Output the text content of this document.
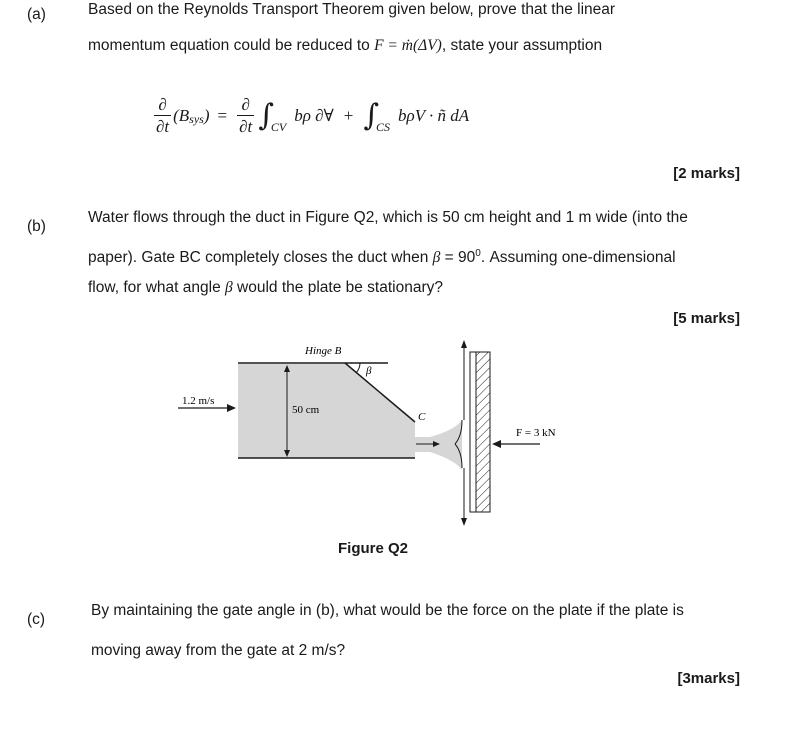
(a)	Based on the Reynolds Transport Theorem given below, prove that the linear
momentum equation could be reduced to F = ṁ(ΔV), state your assumption
$\frac{\partial}{\partial t} (B$ sys ) = $\frac{\partial}{\partial t}$ ∫
CV
bρ ∂∀ + ∫
CS
bρV · ñ dA
[2 marks]
(b)
Water flows through the duct in Figure Q2, which is 50 cm height and 1 m wide (into the
paper). Gate BC completely closes the duct when $\beta = 90^0$. Assuming one-dimensional
flow, for what angle β would the plate be stationary?
[5 marks]
Hinge B
β
1.2 m/s
50 cm
C
F = 3 kN
Figure Q2
(c)
By maintaining the gate angle in (b), what would be the force on the plate if the plate is
moving away from the gate at 2 m/s?
[3marks]
